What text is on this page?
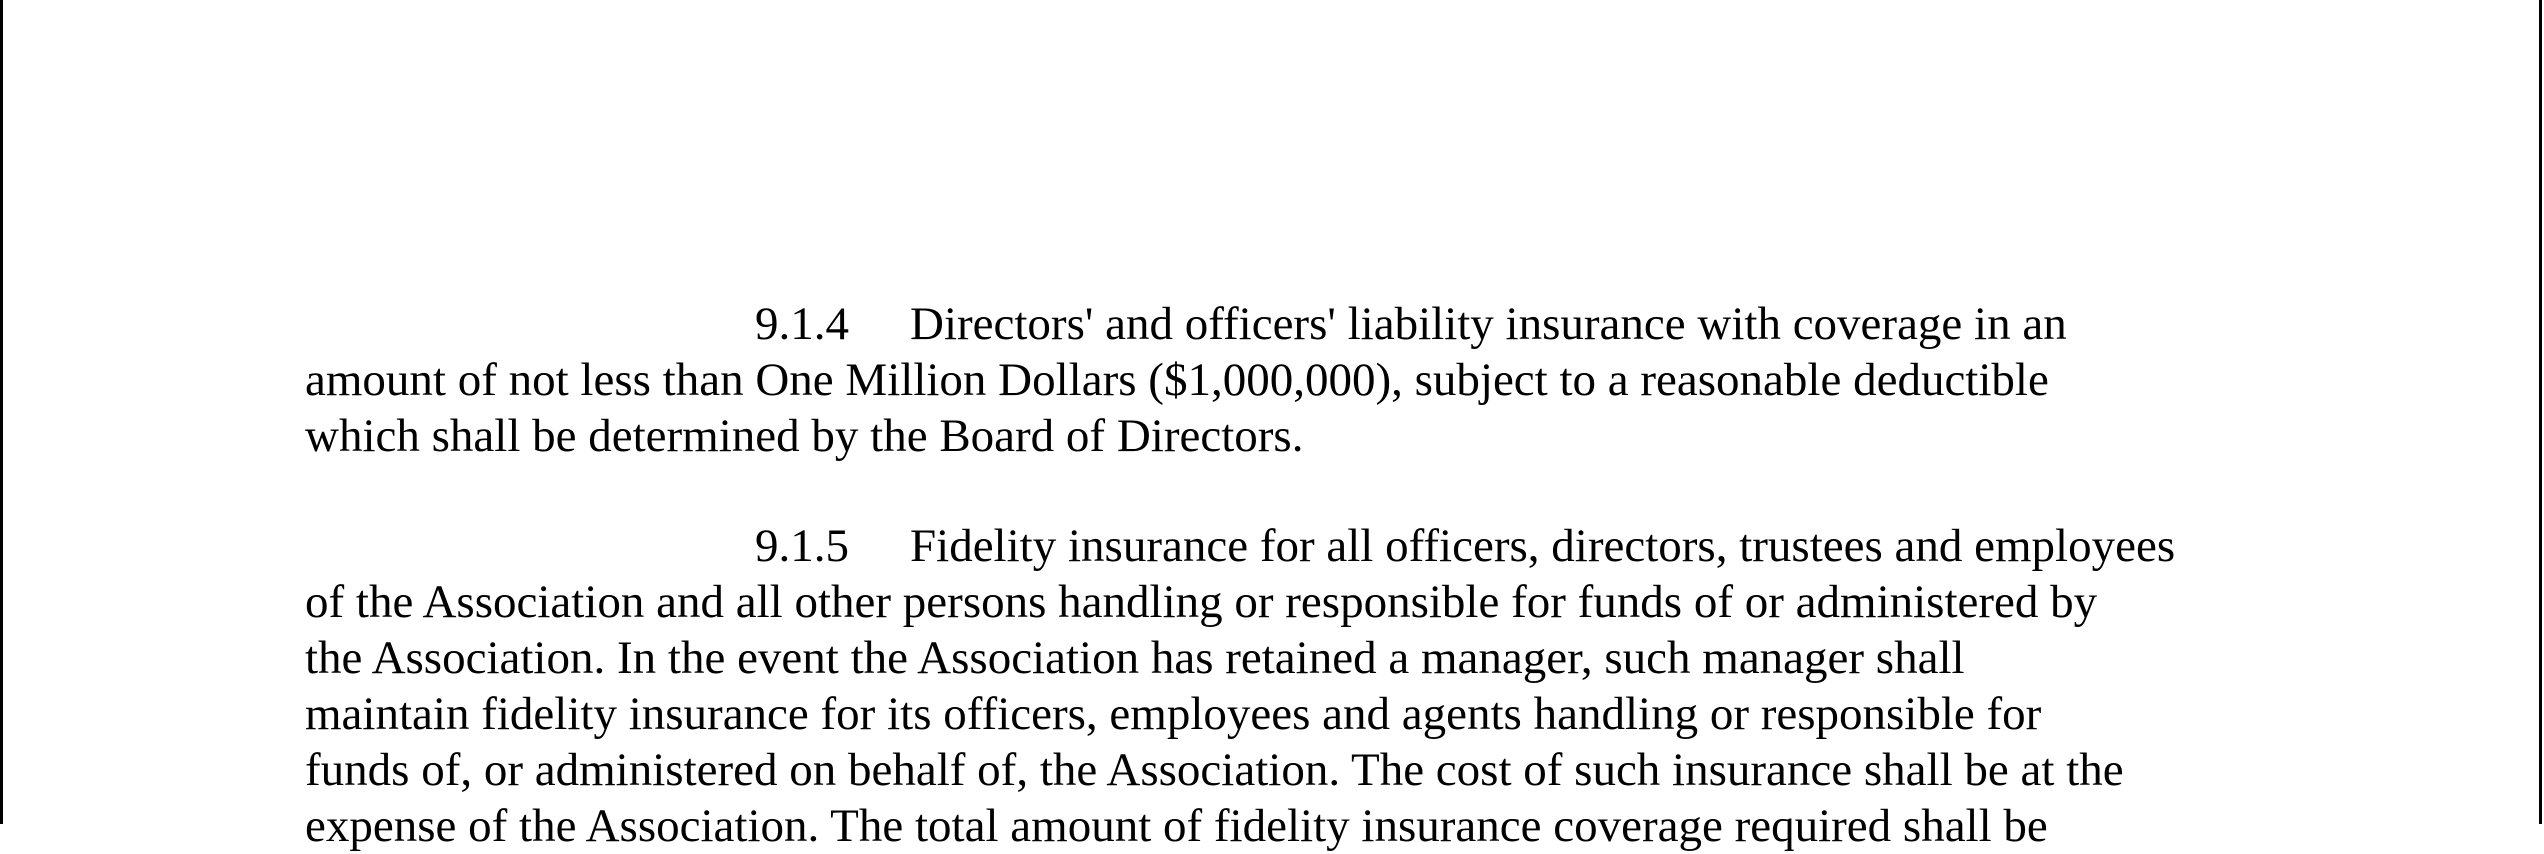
9.1.4 Directors' and officers' liability insurance with coverage in an
amount of not less than One Million Dollars ($1,000,000), subject to a reasonable deductible
which shall be determined by the Board of Directors.
9.1.5 Fidelity insurance for all officers, directors, trustees and employees
of the Association and all other persons handling or responsible for funds of or administered by
the Association. In the event the Association has retained a manager, such manager shall
maintain fidelity insurance for its officers, employees and agents handling or responsible for
funds of, or administered on behalf of, the Association. The cost of such insurance shall be at the
expense of the Association. The total amount of fidelity insurance coverage required shall be
